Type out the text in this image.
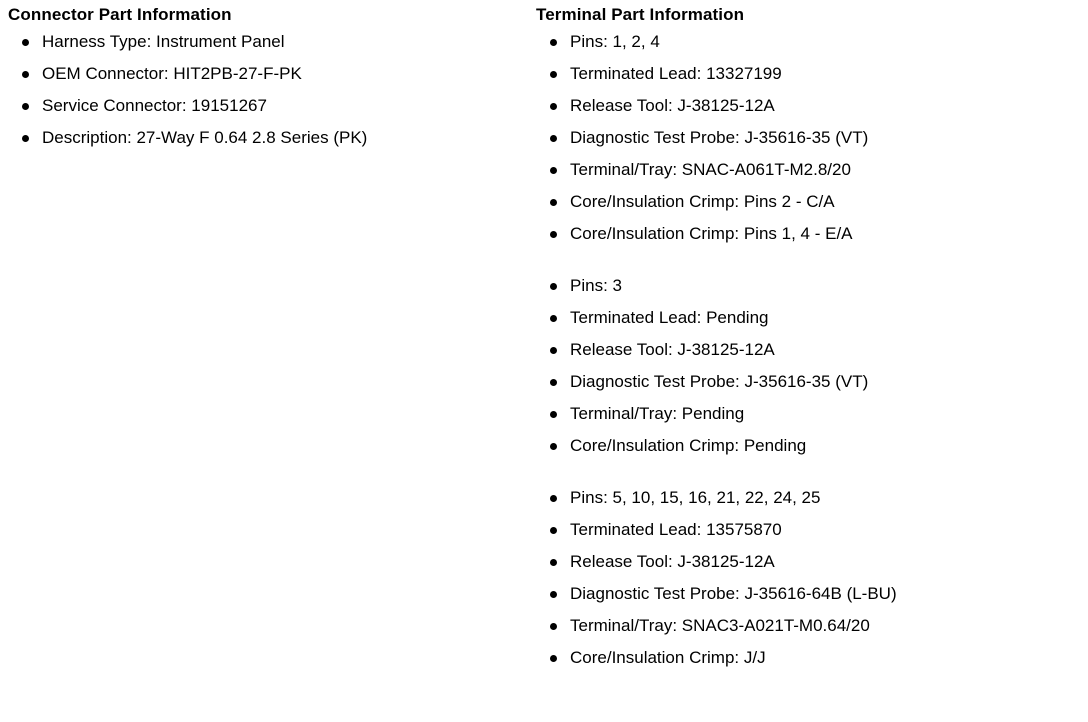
Connector Part Information
Harness Type: Instrument Panel
OEM Connector: HIT2PB-27-F-PK
Service Connector: 19151267
Description: 27-Way F 0.64 2.8 Series (PK)
Terminal Part Information
Pins: 1, 2, 4
Terminated Lead: 13327199
Release Tool: J-38125-12A
Diagnostic Test Probe: J-35616-35 (VT)
Terminal/Tray: SNAC-A061T-M2.8/20
Core/Insulation Crimp: Pins 2 - C/A
Core/Insulation Crimp: Pins 1, 4 - E/A
Pins: 3
Terminated Lead: Pending
Release Tool: J-38125-12A
Diagnostic Test Probe: J-35616-35 (VT)
Terminal/Tray: Pending
Core/Insulation Crimp: Pending
Pins: 5, 10, 15, 16, 21, 22, 24, 25
Terminated Lead: 13575870
Release Tool: J-38125-12A
Diagnostic Test Probe: J-35616-64B (L-BU)
Terminal/Tray: SNAC3-A021T-M0.64/20
Core/Insulation Crimp: J/J
